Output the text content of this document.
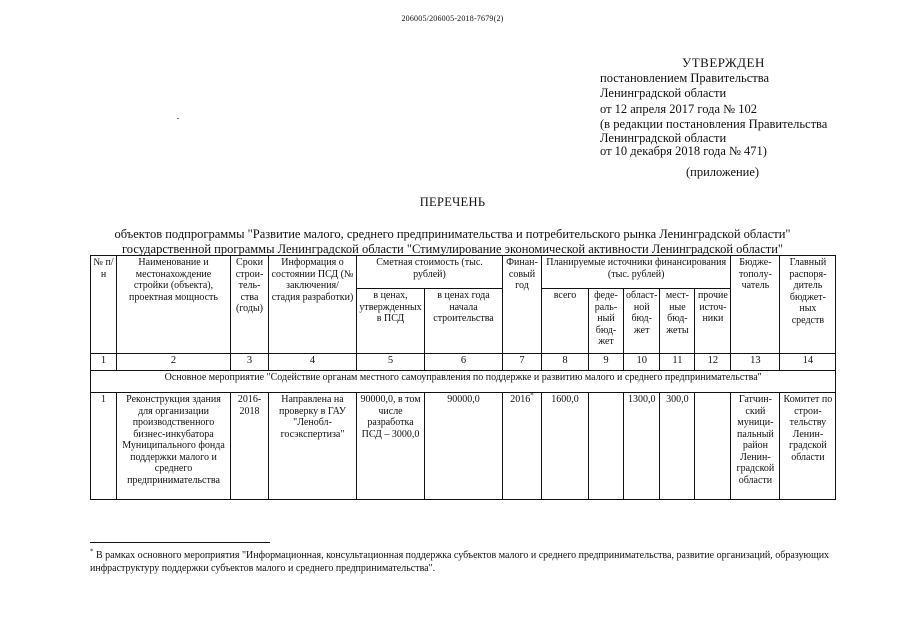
206005/206005-2018-7679(2)
УТВЕРЖДЕН
постановлением Правительства
Ленинградской области
от 12 апреля 2017 года № 102
(в редакции постановления Правительства
Ленинградской области
от 10 декабря 2018 года № 471)
(приложение)
ПЕРЕЧЕНЬ

объектов подпрограммы "Развитие малого, среднего предпринимательства и потребительского рынка Ленинградской области"
государственной программы Ленинградской области "Стимулирование экономической активности Ленинградской области"
№ п/н	Наименование и местонахождение стройки (объекта), проектная мощность	Сроки строи-тель-ства (годы)	Информация о состоянии ПСД (№ заключения/ стадия разработки)	Сметная стоимость (тыс. рублей)		Финан-совый год	Планируемые источники финансирования (тыс. рублей)					Бюдже-тополу-чатель	Главный распоря-дитель бюджет-ных средств
				в ценах, утвержденных в ПСД	в ценах года начала строительства		всего	феде-раль-ный бюд-жет	област-ной бюд-жет	мест-ные бюд-жеты	прочие источ-ники		
1	2	3	4	5	6	7	8	9	10	11	12	13	14
Основное мероприятие "Содействие органам местного самоуправления по поддержке и развитию малого и среднего предпринимательства"													
1	Реконструкция здания для организации производственного бизнес-инкубатора Муниципального фонда поддержки малого и среднего предпринимательства	2016-2018	Направлена на проверку в ГАУ "Ленобл-госэкспертиза"	90000,0, в том числе разработка ПСД – 3000,0	90000,0	2016*	1600,0		1300,0	300,0		Гатчин-ский муници-пальный район Ленин-градской области	Комитет по строи-тельству Ленин-градской области
* В рамках основного мероприятия "Информационная, консультационная поддержка субъектов малого и среднего предпринимательства, развитие организаций, образующих инфраструктуру поддержки субъектов малого и среднего предпринимательства".
